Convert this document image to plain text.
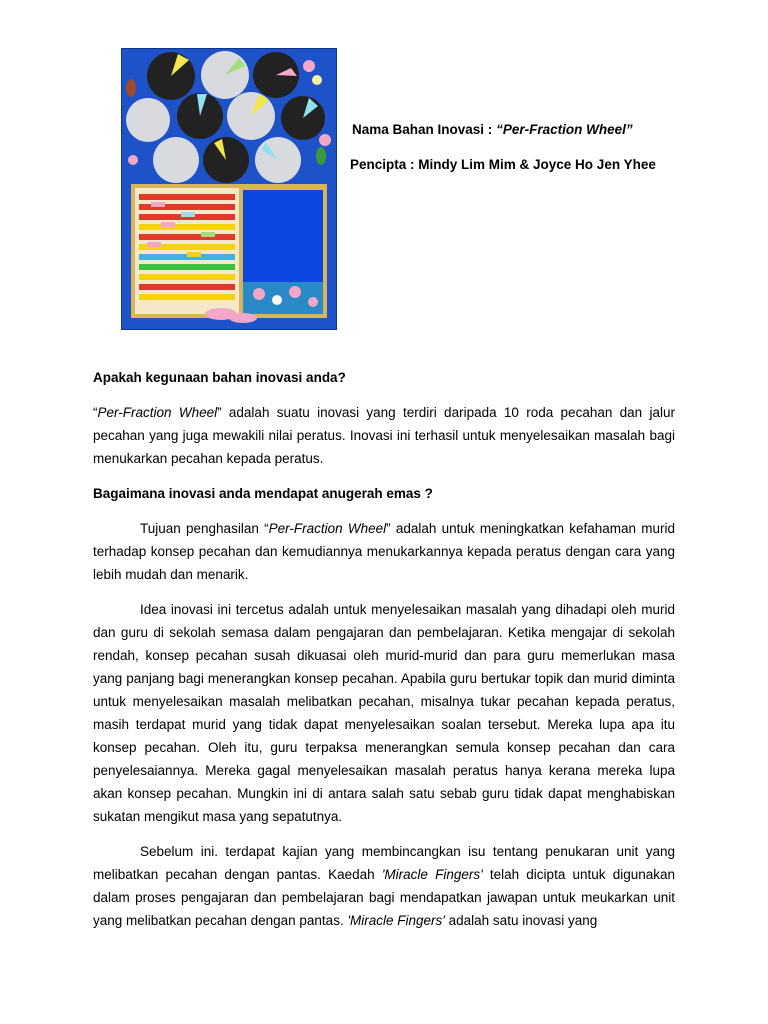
Nama Bahan Inovasi : “Per-Fraction Wheel”
Pencipta : Mindy Lim Mim & Joyce Ho Jen Yhee
Apakah kegunaan bahan inovasi anda?

“Per-Fraction Wheel” adalah suatu inovasi yang terdiri daripada 10 roda pecahan dan jalur pecahan yang juga mewakili nilai peratus. Inovasi ini terhasil untuk menyelesaikan masalah bagi menukarkan pecahan kepada peratus.

Bagaimana inovasi anda mendapat anugerah emas ?

Tujuan penghasilan “Per-Fraction Wheel” adalah untuk meningkatkan kefahaman murid terhadap konsep pecahan dan kemudiannya menukarkannya kepada peratus dengan cara yang lebih mudah dan menarik.

Idea inovasi ini tercetus adalah untuk menyelesaikan masalah yang dihadapi oleh murid dan guru di sekolah semasa dalam pengajaran dan pembelajaran. Ketika mengajar di sekolah rendah, konsep pecahan susah dikuasai oleh murid-murid dan para guru memerlukan masa yang panjang bagi menerangkan konsep pecahan. Apabila guru bertukar topik dan murid diminta untuk menyelesaikan masalah melibatkan pecahan, misalnya tukar pecahan kepada peratus, masih terdapat murid yang tidak dapat menyelesaikan soalan tersebut. Mereka lupa apa itu konsep pecahan. Oleh itu, guru terpaksa menerangkan semula konsep pecahan dan cara penyelesaiannya. Mereka gagal menyelesaikan masalah peratus hanya kerana mereka lupa akan konsep pecahan. Mungkin ini di antara salah satu sebab guru tidak dapat menghabiskan sukatan mengikut masa yang sepatutnya.

Sebelum ini. terdapat kajian yang membincangkan isu tentang penukaran unit yang melibatkan pecahan dengan pantas. Kaedah 'Miracle Fingers' telah dicipta untuk digunakan dalam proses pengajaran dan pembelajaran bagi mendapatkan jawapan untuk meukarkan unit yang melibatkan pecahan dengan pantas. 'Miracle Fingers' adalah satu inovasi yang
